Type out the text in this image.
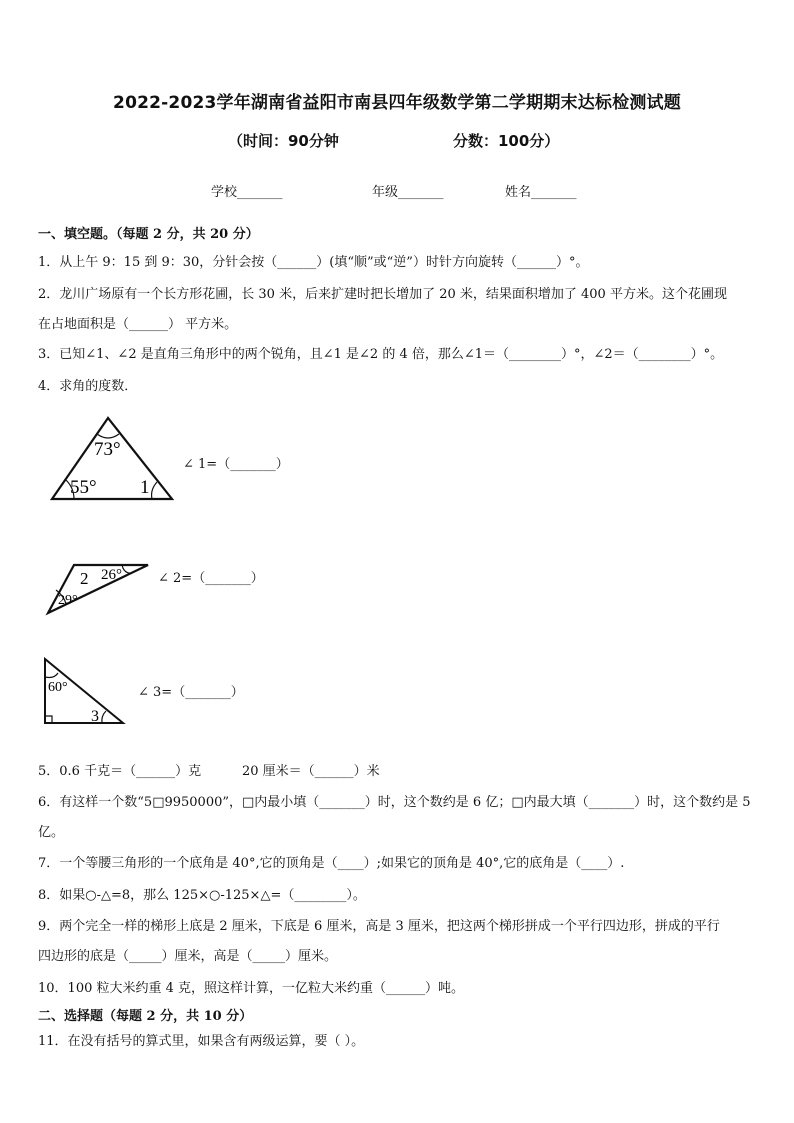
2022-2023学年湖南省益阳市南县四年级数学第二学期期末达标检测试题
（时间：90分钟	分数：100分）
学校_______	年级_______	姓名_______
一、填空题。（每题 2 分，共 20 分）
1．从上午 9：15 到 9：30，分针会按（______）(填“顺”或“逆”）时针方向旋转（______）°。
2．龙川广场原有一个长方形花圃，长 30 米，后来扩建时把长增加了 20 米，结果面积增加了 400 平方米。这个花圃现
在占地面积是（______） 平方米。
3．已知∠1、∠2 是直角三角形中的两个锐角，且∠1 是∠2 的 4 倍，那么∠1＝（________）°，∠2＝（________）°。
4．求角的度数．
73°
55° 1
∠ 1=（_______）
2 26°
29°
∠ 2=（_______）
60°
3
∠ 3=（_______）
5．0.6 千克＝（______）克	20 厘米＝（______）米
6．有这样一个数“5□9950000”，□内最小填（_______）时，这个数约是 6 亿；□内最大填（_______）时，这个数约是 5
亿。
7．一个等腰三角形的一个底角是 40°,它的顶角是（____）;如果它的顶角是 40°,它的底角是（____）.
8．如果○-△=8，那么 125×○-125×△=（________）。
9．两个完全一样的梯形上底是 2 厘米，下底是 6 厘米，高是 3 厘米，把这两个梯形拼成一个平行四边形，拼成的平行
四边形的底是（_____）厘米，高是（_____）厘米。
10．100 粒大米约重 4 克，照这样计算，一亿粒大米约重（______）吨。
二、选择题（每题 2 分，共 10 分）
11．在没有括号的算式里，如果含有两级运算，要（ ）。
